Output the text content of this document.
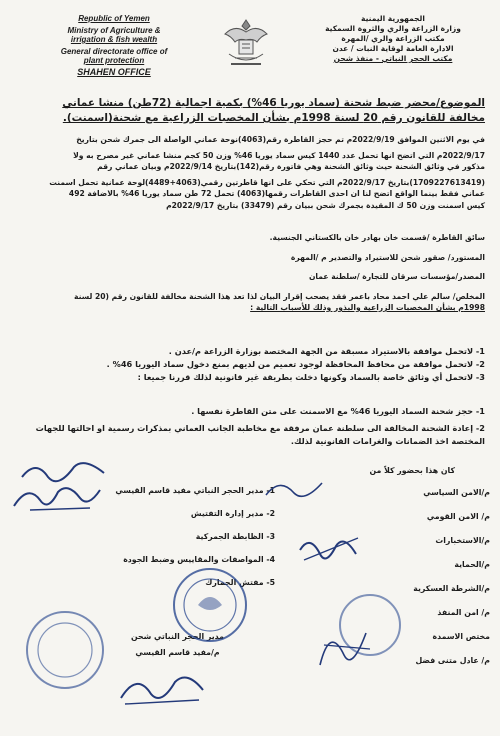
Republic of Yemen
Ministry of Agriculture &
irrigation & fish wealth
General directorate office of
plant protection
SHAHEN OFFICE
الجمهورية اليمنية
وزارة الزراعة والري والثروة السمكية
مكتب الزراعة والري /المهرة
الادارة العامة لوقاية النبات / عدن
مكتب الحجر النباتي - منفذ شحن
الموضوع/محضر ضبط شحنة (سماد يوريا 46%) بكمية اجمالية (72طن) منشا عماني
مخالفة للقانون رقم 20 لسنة 1998م بشأن المخصبات الزراعية مع شحنة(اسمنت).
في يوم الاثنين الموافق 2022/9/19م تم حجز القاطرة رقم(4063)نوحة عماني الواصلة الى جمرك شحن بتاريخ
2022/9/17م التي اتضح انها تحمل عدد 1440 كيس سماد يوريا 46% وزن 50 كجم منشا عماني غير مصرح به ولا
مذكور في وثائق الشحنة حيث وثائق الشحنة وهي فاتورة رقم(142)بتاريخ 2022/9/14م وبيان عماني رقم
(1709227613419)بتاريخ 2022/9/17م التي تحكي على انها قاطرتين رقمي(4063+4489)لوحة عمانية تحمل اسمنت
عماني فقط بينما الواقع اتضح لنا ان احدى القاطرات رقمها(4063) تحمل 72 طن سماد يوريا 46% بالاضافة 492
كيس اسمنت وزن 50 ك المقيدة بجمرك شحن ببيان رقم (33479) بتاريخ 2022/9/17م
سائق القاطرة /قسمت خان بهادر خان بالكستاني الجنسية.
المستورد/ صقور شحن للاستيراد والتصدير م /المهرة
المصدر/مؤسسات سرقان للتجارة /سلطنة عمان
المخلص/ سالم علي احمد محاد باعمر فقد يصحب إقرار البيان لذا تعد هذا الشحنة مخالفة للقانون رقم (20 لسنة
1998م بشأن المخصبات الزراعية والبذور وذلك للأسباب التالية :
1- لاتحمل موافقة بالاستيراد مسبقة من الجهة المختصة بوزارة الزراعة م/عدن .
2- لاتحمل موافقة من محافظ المحافظة لوجود تعميم من لديهم بمنع دخول سماد اليوريا 46% .
3- لاتحمل أي وثائق خاصة بالسماد وكونها دخلت بطريقة غير قانونية لذلك قررنا جميعا :
1- حجز شحنة السماد اليوريا 46% مع الاسمنت على متن القاطرة نفسها .
2- إعادة الشحنة المخالفة الى سلطنة عمان مرفقة مع مخاطبة الجانب العماني بمذكرات رسمية او احالتها للجهات
المختصة اخذ الضمانات والغرامات القانونية لذلك.
كان هذا بحضور كلاً من
م/الامن السياسي
م/ الامن القومي
م/الاستخبارات
م/الحماية
م/الشرطة العسكرية
م/ امن المنفذ
مختص الاسمدة
م/ عادل متنى فضل
1- مدير الحجر النباتي مفيد قاسم القيسي
2- مدير إدارة التفتيش
3- الظابطة الجمركية
4- المواصفات والمقاييس وضبط الجودة
5- مفتش الجمارك
مدير الحجر النباتي شحن
م/مفيد قاسم القيسي
